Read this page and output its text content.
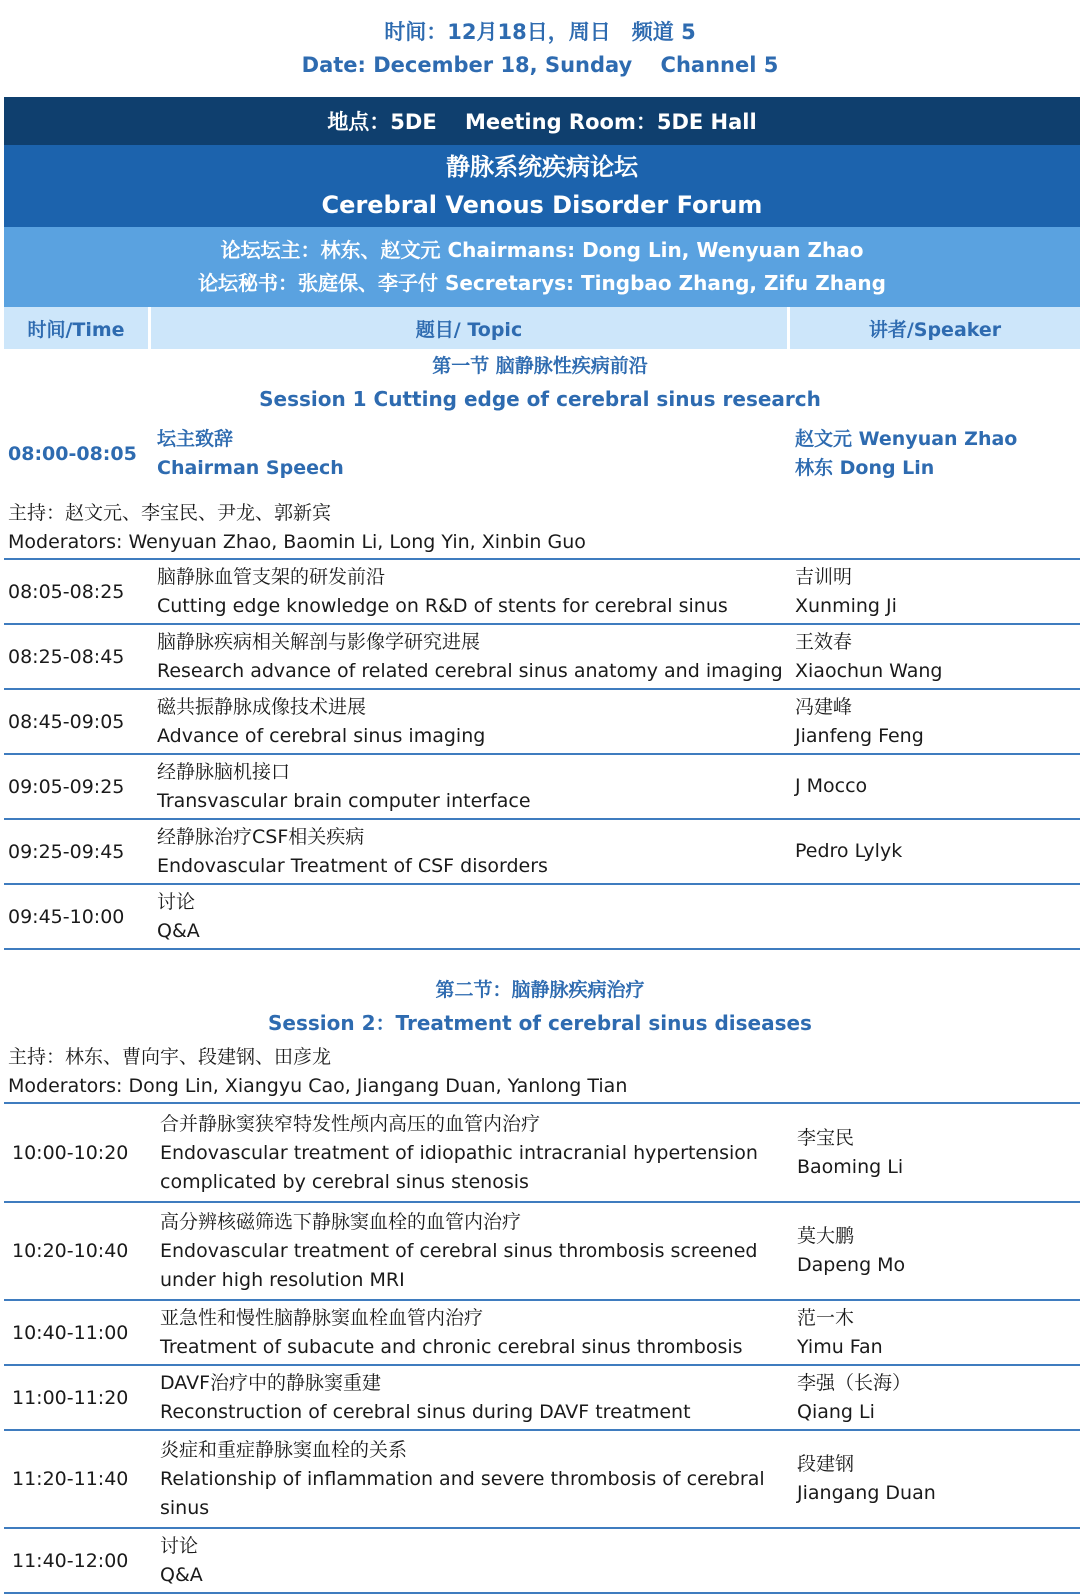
时间：12月18日，周日　频道 5
Date: December 18, Sunday　 Channel 5
地点：5DE　 Meeting Room：5DE Hall
静脉系统疾病论坛
Cerebral Venous Disorder Forum
论坛坛主：林东、赵文元 Chairmans: Dong Lin, Wenyuan Zhao
论坛秘书：张庭保、李子付 Secretarys: Tingbao Zhang, Zifu Zhang
时间/Time	题目/ Topic	讲者/Speaker
第一节 脑静脉性疾病前沿
Session 1 Cutting edge of cerebral sinus research
08:00-08:05
坛主致辞
Chairman Speech
赵文元 Wenyuan Zhao
林东 Dong Lin
主持：赵文元、李宝民、尹龙、郭新宾
Moderators: Wenyuan Zhao, Baomin Li, Long Yin, Xinbin Guo
08:05-08:25
脑静脉血管支架的研发前沿
Cutting edge knowledge on R&D of stents for cerebral sinus
吉训明
Xunming Ji
08:25-08:45
脑静脉疾病相关解剖与影像学研究进展
Research advance of related cerebral sinus anatomy and imaging
王效春
Xiaochun Wang
08:45-09:05
磁共振静脉成像技术进展
Advance of cerebral sinus imaging
冯建峰
Jianfeng Feng
09:05-09:25
经静脉脑机接口
Transvascular brain computer interface
J Mocco
09:25-09:45
经静脉治疗CSF相关疾病
Endovascular Treatment of CSF disorders
Pedro Lylyk
09:45-10:00
讨论
Q&A
第二节：脑静脉疾病治疗
Session 2：Treatment of cerebral sinus diseases
主持：林东、曹向宇、段建钢、田彦龙
Moderators: Dong Lin, Xiangyu Cao, Jiangang Duan, Yanlong Tian
10:00-10:20
合并静脉窦狭窄特发性颅内高压的血管内治疗
Endovascular treatment of idiopathic intracranial hypertension complicated by cerebral sinus stenosis
李宝民
Baoming Li
10:20-10:40
高分辨核磁筛选下静脉窦血栓的血管内治疗
Endovascular treatment of cerebral sinus thrombosis screened under high resolution MRI
莫大鹏
Dapeng Mo
10:40-11:00
亚急性和慢性脑静脉窦血栓血管内治疗
Treatment of subacute and chronic cerebral sinus thrombosis
范一木
Yimu Fan
11:00-11:20
DAVF治疗中的静脉窦重建
Reconstruction of cerebral sinus during DAVF treatment
李强（长海）
Qiang Li
11:20-11:40
炎症和重症静脉窦血栓的关系
Relationship of inflammation and severe thrombosis of cerebral sinus
段建钢
Jiangang Duan
11:40-12:00
讨论
Q&A
